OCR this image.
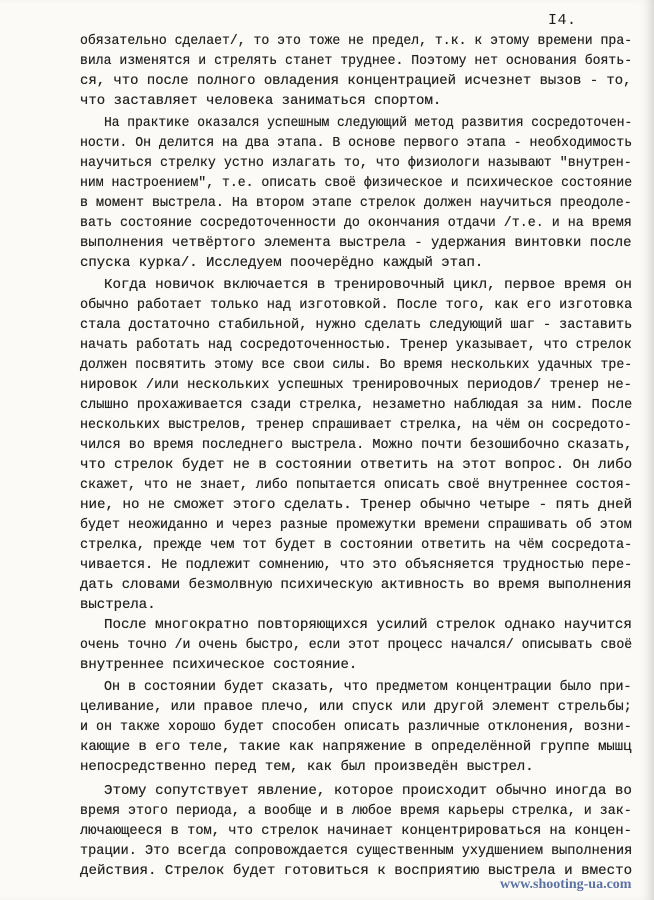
I4.
обязательно сделает/, то это тоже не предел, т.к. к этому времени пра-
вила изменятся и стрелять станет труднее. Поэтому нет основания боять-
ся, что после полного овладения концентрацией исчезнет вызов - то,
что заставляет человека заниматься спортом.
На практике оказался успешным следующий метод развития сосредоточен-
ности. Он делится на два этапа. В основе первого этапа - необходимость
научиться стрелку устно излагать то, что физиологи называют "внутрен-
ним настроением", т.е. описать своё физическое и психическое состояние
в момент выстрела. На втором этапе стрелок должен научиться преодоле-
вать состояние сосредоточенности до окончания отдачи /т.е. и на время
выполнения четвёртого элемента выстрела - удержания винтовки после
спуска курка/. Исследуем поочерёдно каждый этап.
Когда новичок включается в тренировочный цикл, первое время он
обычно работает только над изготовкой. После того, как его изготовка
стала достаточно стабильной, нужно сделать следующий шаг - заставить
начать работать над сосредоточенностью. Тренер указывает, что стрелок
должен посвятить этому все свои силы. Во время нескольких удачных тре-
нировок /или нескольких успешных тренировочных периодов/ тренер не-
слышно прохаживается сзади стрелка, незаметно наблюдая за ним. После
нескольких выстрелов, тренер спрашивает стрелка, на чём он сосредото-
чился во время последнего выстрела. Можно почти безошибочно сказать,
что стрелок будет не в состоянии ответить на этот вопрос. Он либо
скажет, что не знает, либо попытается описать своё внутреннее состоя-
ние, но не сможет этого сделать. Тренер обычно четыре - пять дней
будет неожиданно и через разные промежутки времени спрашивать об этом
стрелка, прежде чем тот будет в состоянии ответить на чём сосредота-
чивается. Не подлежит сомнению, что это объясняется трудностью пере-
дать словами безмолвную психическую активность во время выполнения
выстрела.
После многократно повторяющихся усилий стрелок однако научится
очень точно /и очень быстро, если этот процесс начался/ описывать своё
внутреннее психическое состояние.
Он в состоянии будет сказать, что предметом концентрации было при-
целивание, или правое плечо, или спуск или другой элемент стрельбы;
и он также хорошо будет способен описать различные отклонения, возни-
кающие в его теле, такие как напряжение в определённой группе мышц
непосредственно перед тем, как был произведён выстрел.
Этому сопутствует явление, которое происходит обычно иногда во
время этого периода, а вообще и в любое время карьеры стрелка, и зак-
лючающееся в том, что стрелок начинает концентрироваться на концен-
трации. Это всегда сопровождается существенным ухудшением выполнения
действия. Стрелок будет готовиться к восприятию выстрела и вместо
www.shooting-ua.com
